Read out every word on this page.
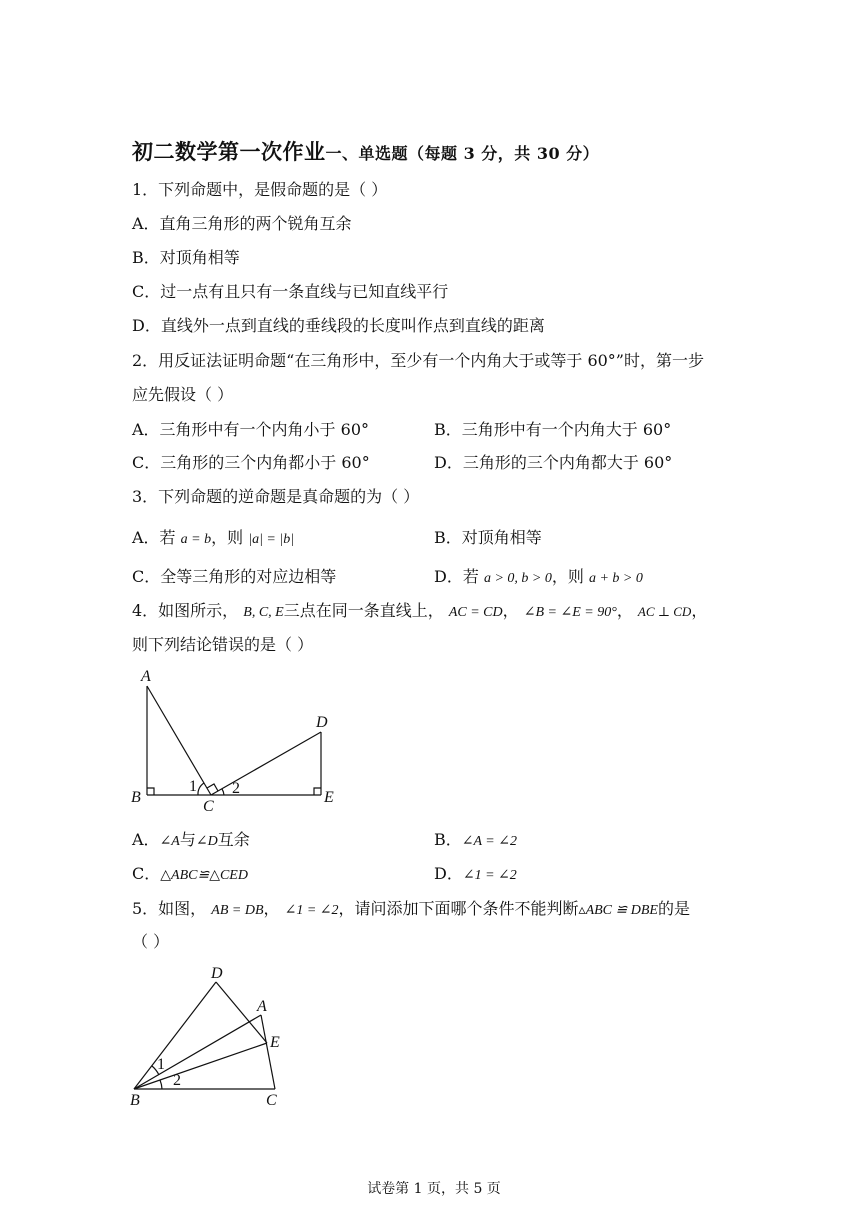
初二数学第一次作业一、单选题（每题 3 分，共 30 分）
1．下列命题中，是假命题的是（ ）
A．直角三角形的两个锐角互余
B．对顶角相等
C．过一点有且只有一条直线与已知直线平行
D．直线外一点到直线的垂线段的长度叫作点到直线的距离
2．用反证法证明命题“在三角形中，至少有一个内角大于或等于 60°”时，第一步
应先假设（ ）
A．三角形中有一个内角小于 60°	B．三角形中有一个内角大于 60°
C．三角形的三个内角都小于 60°	D．三角形的三个内角都大于 60°
3．下列命题的逆命题是真命题的为（ ）
A．若 a = b，则 |a| = |b|	B．对顶角相等
C．全等三角形的对应边相等	D．若 a > 0, b > 0，则 a + b > 0
4．如图所示， B, C, E三点在同一条直线上， AC = CD， ∠B = ∠E = 90°， AC ⊥ CD，
则下列结论错误的是（ ）
A
B
C
D
E
1 2
A．∠A与∠D互余	B．∠A = ∠2
C．△ABC≌△CED	D．∠1 = ∠2
5．如图， AB = DB， ∠1 = ∠2，请问添加下面哪个条件不能判断▵ABC ≌ DBE的是
（ ）
D
A
E
B	C
1
2
试卷第 1 页，共 5 页
